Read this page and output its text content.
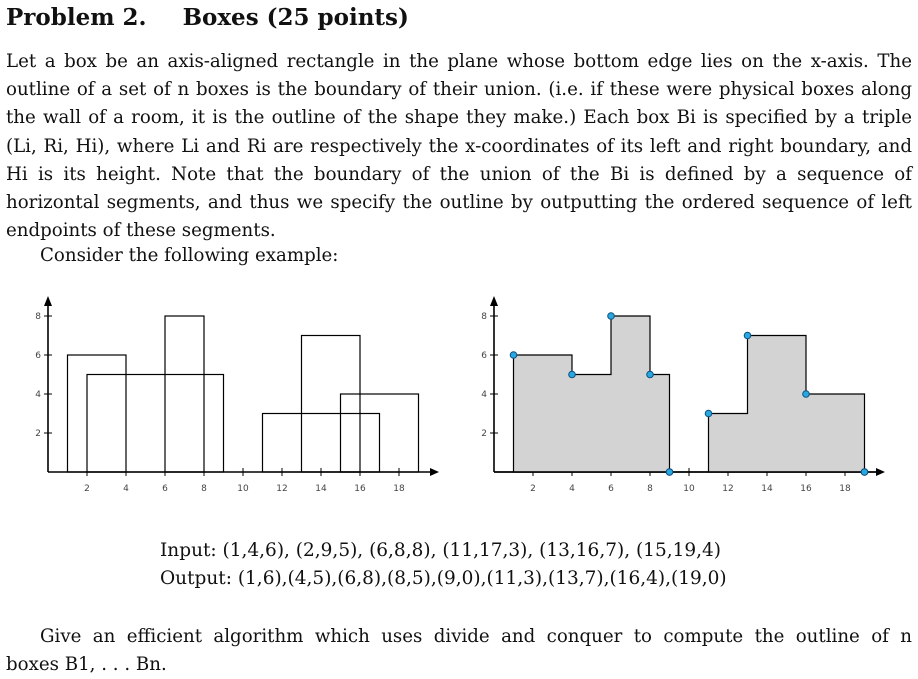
Problem 2. Boxes (25 points)
Let a box be an axis-aligned rectangle in the plane whose bottom edge lies on the x-axis. The outline of a set of n boxes is the boundary of their union. (i.e. if these were physical boxes along the wall of a room, it is the outline of the shape they make.) Each box Bi is specified by a triple (Li, Ri, Hi), where Li and Ri are respectively the x-coordinates of its left and right boundary, and Hi is its height. Note that the boundary of the union of the Bi is defined by a sequence of horizontal segments, and thus we specify the outline by outputting the ordered sequence of left endpoints of these segments.
Consider the following example:
2	4	6	8	10	12	14	16	18
2
4
6
8
2	4	6	8	10	12	14	16	18
2
4
6
8
Input: (1,4,6), (2,9,5), (6,8,8), (11,17,3), (13,16,7), (15,19,4)
Output: (1,6),(4,5),(6,8),(8,5),(9,0),(11,3),(13,7),(16,4),(19,0)
Give an efficient algorithm which uses divide and conquer to compute the outline of n
boxes B1, . . . Bn.
